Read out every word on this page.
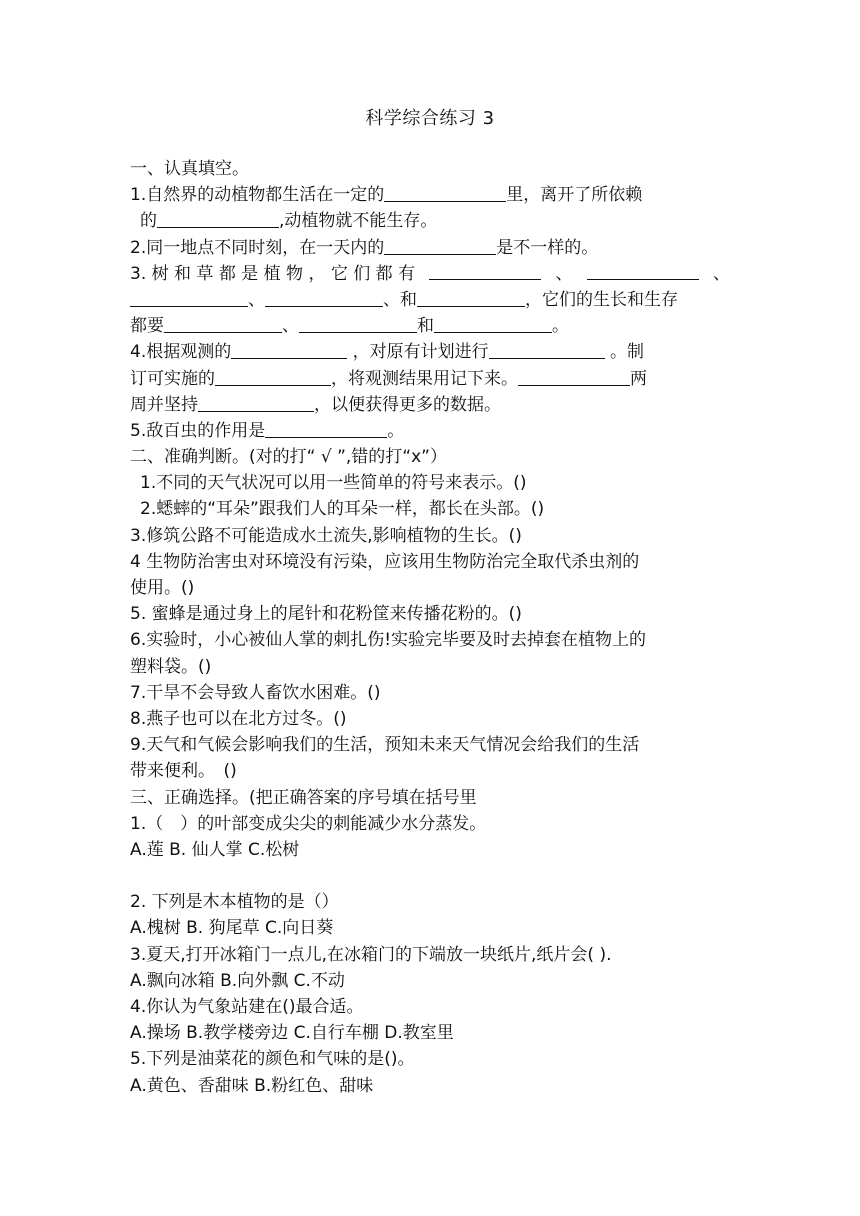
科学综合练习 3
一、认真填空。
1.自然界的动植物都生活在一定的	里，离开了所依赖
的	,动植物就不能生存。
2.同一地点不同时刻，在一天内的	是不一样的。
3. 树 和 草 都 是 植 物 ， 它 们 都 有	、	、
、	、和	，它们的生长和生存
都要	、	和	。
4.根据观测的	，对原有计划进行	。制
订可实施的	，将观测结果用记下来。	两
周并坚持	，以便获得更多的数据。
5.敌百虫的作用是	。
二、准确判断。(对的打“ √ ”,错的打“x”）
1.不同的天气状况可以用一些简单的符号来表示。()
2.蟋蟀的“耳朵”跟我们人的耳朵一样，都长在头部。()
3.修筑公路不可能造成水土流失,影响植物的生长。()
4 生物防治害虫对环境没有污染，应该用生物防治完全取代杀虫剂的
使用。()
5. 蜜蜂是通过身上的尾针和花粉筐来传播花粉的。()
6.实验时，小心被仙人掌的刺扎伤!实验完毕要及时去掉套在植物上的
塑料袋。()
7.干旱不会导致人畜饮水困难。()
8.燕子也可以在北方过冬。()
9.天气和气候会影响我们的生活，预知未来天气情况会给我们的生活
带来便利。　()
三、正确选择。(把正确答案的序号填在括号里
1.（　）的叶部变成尖尖的刺能减少水分蒸发。
A.莲 B. 仙人掌 C.松树
2. 下列是木本植物的是（）
A.槐树 B. 狗尾草 C.向日葵
3.夏天,打开冰箱门一点儿,在冰箱门的下端放一块纸片,纸片会( ).
A.飘向冰箱 B.向外飘 C.不动
4.你认为气象站建在()最合适。
A.操场 B.教学楼旁边 C.自行车棚 D.教室里
5.下列是油菜花的颜色和气味的是()。
A.黄色、香甜味 B.粉红色、甜味
